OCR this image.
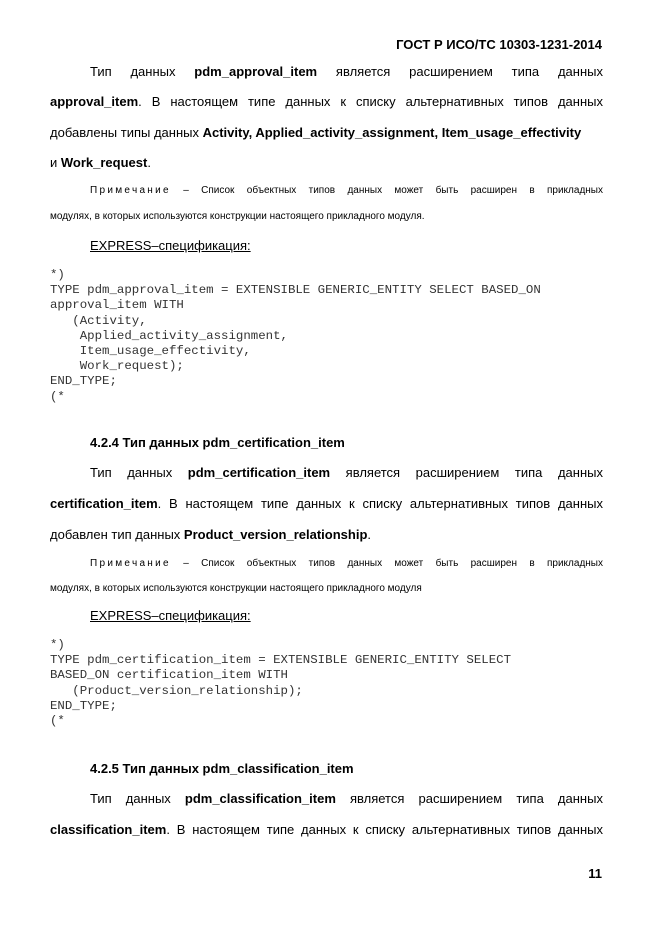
ГОСТ Р ИСО/ТС 10303-1231-2014
Тип данных pdm_approval_item является расширением типа данных
approval_item. В настоящем типе данных к списку альтернативных типов данных
добавлены типы данных Activity, Applied_activity_assignment, Item_usage_effectivity
и Work_request.
Примечание – Список объектных типов данных может быть расширен в прикладных
модулях, в которых используются конструкции настоящего прикладного модуля.
EXPRESS–спецификация:
*)
TYPE pdm_approval_item = EXTENSIBLE GENERIC_ENTITY SELECT BASED_ON
approval_item WITH
(Activity,
Applied_activity_assignment,
Item_usage_effectivity,
Work_request);
END_TYPE;
(*
4.2.4 Тип данных pdm_certification_item
Тип данных pdm_certification_item является расширением типа данных
certification_item. В настоящем типе данных к списку альтернативных типов данных
добавлен тип данных Product_version_relationship.
Примечание – Список объектных типов данных может быть расширен в прикладных
модулях, в которых используются конструкции настоящего прикладного модуля
EXPRESS–спецификация:
*)
TYPE pdm_certification_item = EXTENSIBLE GENERIC_ENTITY SELECT
BASED_ON certification_item WITH
(Product_version_relationship);
END_TYPE;
(*
4.2.5 Тип данных pdm_classification_item
Тип данных pdm_classification_item является расширением типа данных
classification_item. В настоящем типе данных к списку альтернативных типов данных
11
